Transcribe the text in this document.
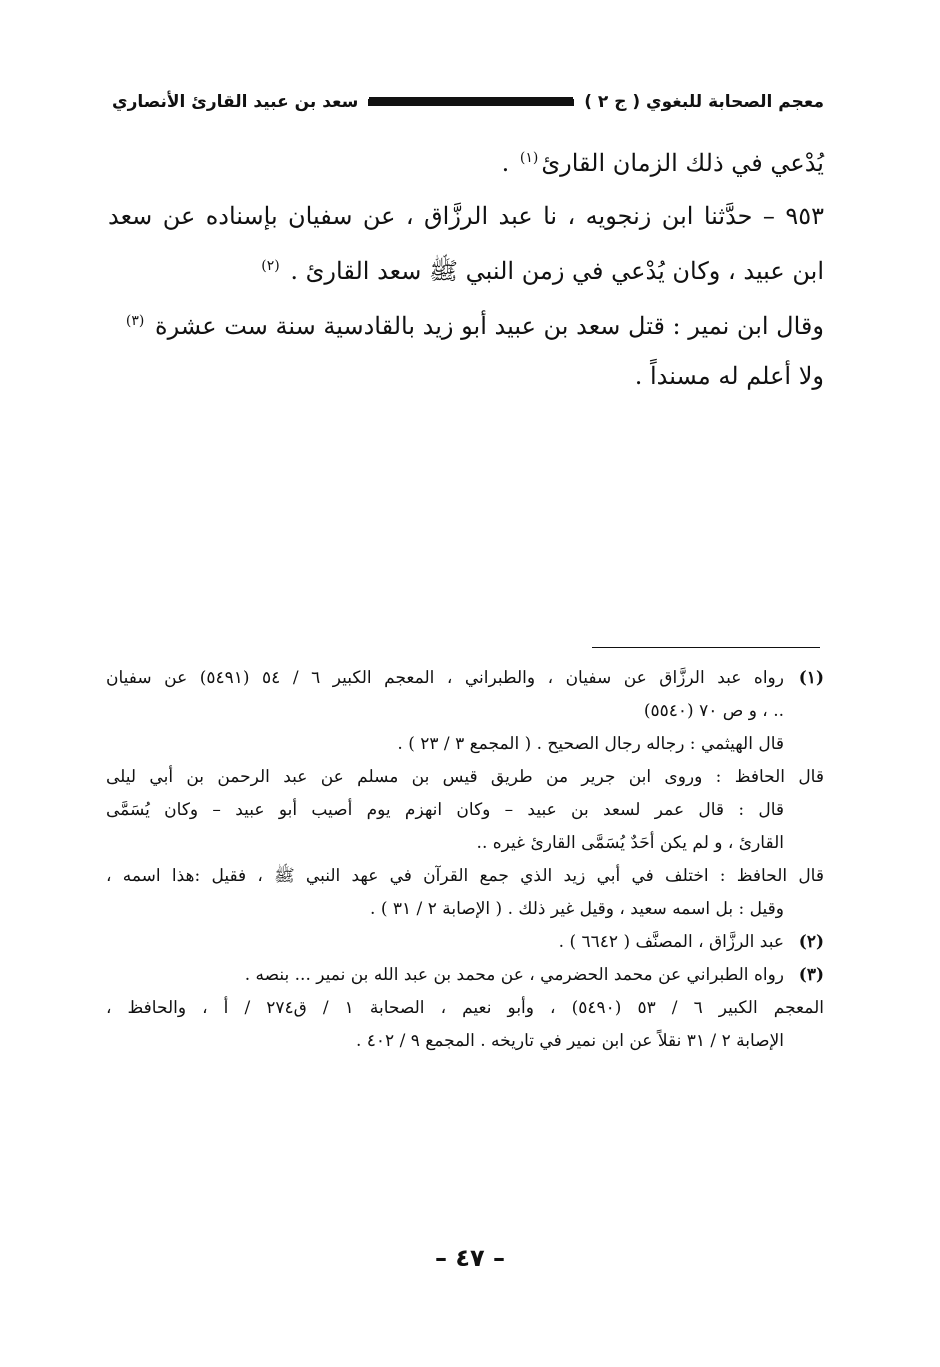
معجم الصحابة للبغوي ( ج ٢ )
سعد بن عبيد القارئ الأنصاري

يُدْعي في ذلك الزمان القارئ$^{(١)}$ .

٩٥٣ – حدَّثنا ابن زنجويه ، نا عبد الرزَّاق ، عن سفيان بإسناده عن سعد

ابن عبيد ، وكان يُدْعي في زمن النبي ﷺ سعد القارئ . $^{(٢)}$

وقال ابن نمير : قتل سعد بن عبيد أبو زيد بالقادسية سنة ست عشرة $^{(٣)}$

ولا أعلم له مسنداً .

(١)رواه عبد الرزَّاق عن سفيان ، والطبراني ، المعجم الكبير ٦ / ٥٤ (٥٤٩١) عن سفيان
.. ، و ص ٧٠ (٥٥٤٠)
قال الهيثمي : رجاله رجال الصحيح . ( المجمع ٣ / ٢٣ ) .
قال الحافظ : وروى ابن جرير من طريق قيس بن مسلم عن عبد الرحمن بن أبي ليلى
قال : قال عمر لسعد بن عبيد – وكان انهزم يوم أصيب أبو عبيد – وكان يُسَمَّى
القارئ ، و لم يكن أحَدٌ يُسَمَّى القارئ غيره ..
قال الحافظ : اختلف في أبي زيد الذي جمع القرآن في عهد النبي ﷺ ، فقيل :هذا اسمه ،
وقيل : بل اسمه سعيد ، وقيل غير ذلك . ( الإصابة ٢ / ٣١ ) .
(٢)عبد الرزَّاق ، المصنَّف ( ٦٦٤٢ ) .
(٣)رواه الطبراني عن محمد الحضرمي ، عن محمد بن عبد الله بن نمير ... بنصه .
المعجم الكبير ٦ / ٥٣ (٥٤٩٠) ، وأبو نعيم ، الصحابة ١ / ق٢٧٤ / أ ، والحافظ ،
الإصابة ٢ / ٣١ نقلاً عن ابن نمير في تاريخه . المجمع ٩ / ٤٠٢ .
– ٤٧ –
